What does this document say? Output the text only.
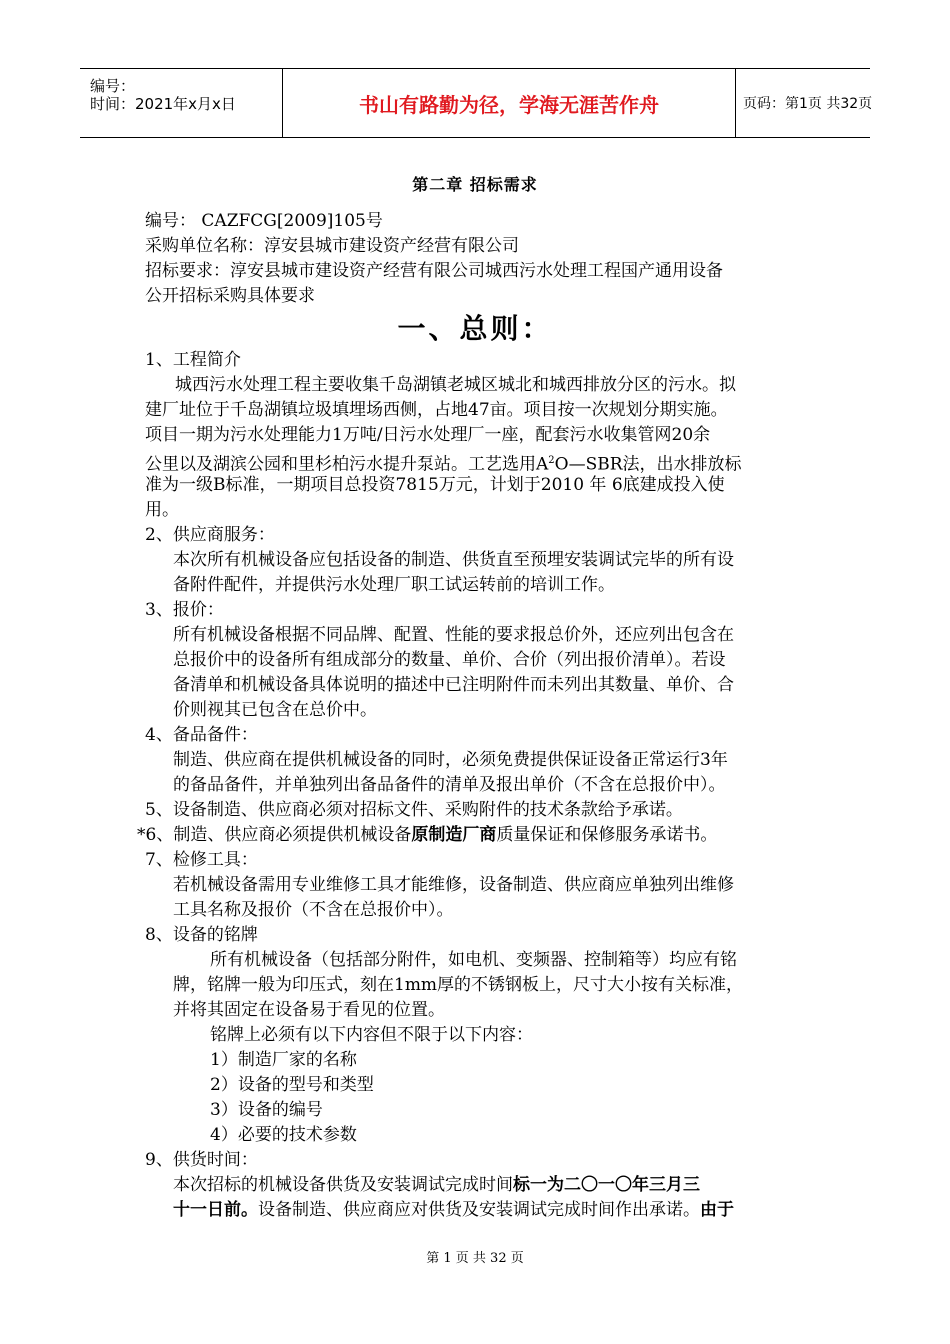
编号：
时间：2021年x月x日	书山有路勤为径，学海无涯苦作舟	页码：第1页 共32页
第二章 招标需求
编号： CAZFCG[2009]105号
采购单位名称：淳安县城市建设资产经营有限公司
招标要求：淳安县城市建设资产经营有限公司城西污水处理工程国产通用设备
公开招标采购具体要求
一、总则：
1、工程简介
城西污水处理工程主要收集千岛湖镇老城区城北和城西排放分区的污水。拟
建厂址位于千岛湖镇垃圾填埋场西侧，占地47亩。项目按一次规划分期实施。
项目一期为污水处理能力1万吨/日污水处理厂一座，配套污水收集管网20余
公里以及湖滨公园和里杉柏污水提升泵站。工艺选用$A^2O—SBR$法，出水排放标
准为一级B标准，一期项目总投资7815万元，计划于2010 年 6底建成投入使
用。
2、供应商服务：
本次所有机械设备应包括设备的制造、供货直至预埋安装调试完毕的所有设
备附件配件，并提供污水处理厂职工试运转前的培训工作。
3、报价：
所有机械设备根据不同品牌、配置、性能的要求报总价外，还应列出包含在
总报价中的设备所有组成部分的数量、单价、合价（列出报价清单）。若设
备清单和机械设备具体说明的描述中已注明附件而未列出其数量、单价、合
价则视其已包含在总价中。
4、备品备件：
制造、供应商在提供机械设备的同时，必须免费提供保证设备正常运行3年
的备品备件，并单独列出备品备件的清单及报出单价（不含在总报价中）。
5、设备制造、供应商必须对招标文件、采购附件的技术条款给予承诺。
*6、制造、供应商必须提供机械设备原制造厂商质量保证和保修服务承诺书。
7、检修工具：
若机械设备需用专业维修工具才能维修，设备制造、供应商应单独列出维修
工具名称及报价（不含在总报价中）。
8、设备的铭牌
所有机械设备（包括部分附件，如电机、变频器、控制箱等）均应有铭
牌，铭牌一般为印压式，刻在1mm厚的不锈钢板上，尺寸大小按有关标准，
并将其固定在设备易于看见的位置。
铭牌上必须有以下内容但不限于以下内容：
1）制造厂家的名称
2）设备的型号和类型
3）设备的编号
4）必要的技术参数
9、供货时间：
本次招标的机械设备供货及安装调试完成时间标一为二〇一〇年三月三
十一日前。设备制造、供应商应对供货及安装调试完成时间作出承诺。由于
第 1 页 共 32 页
